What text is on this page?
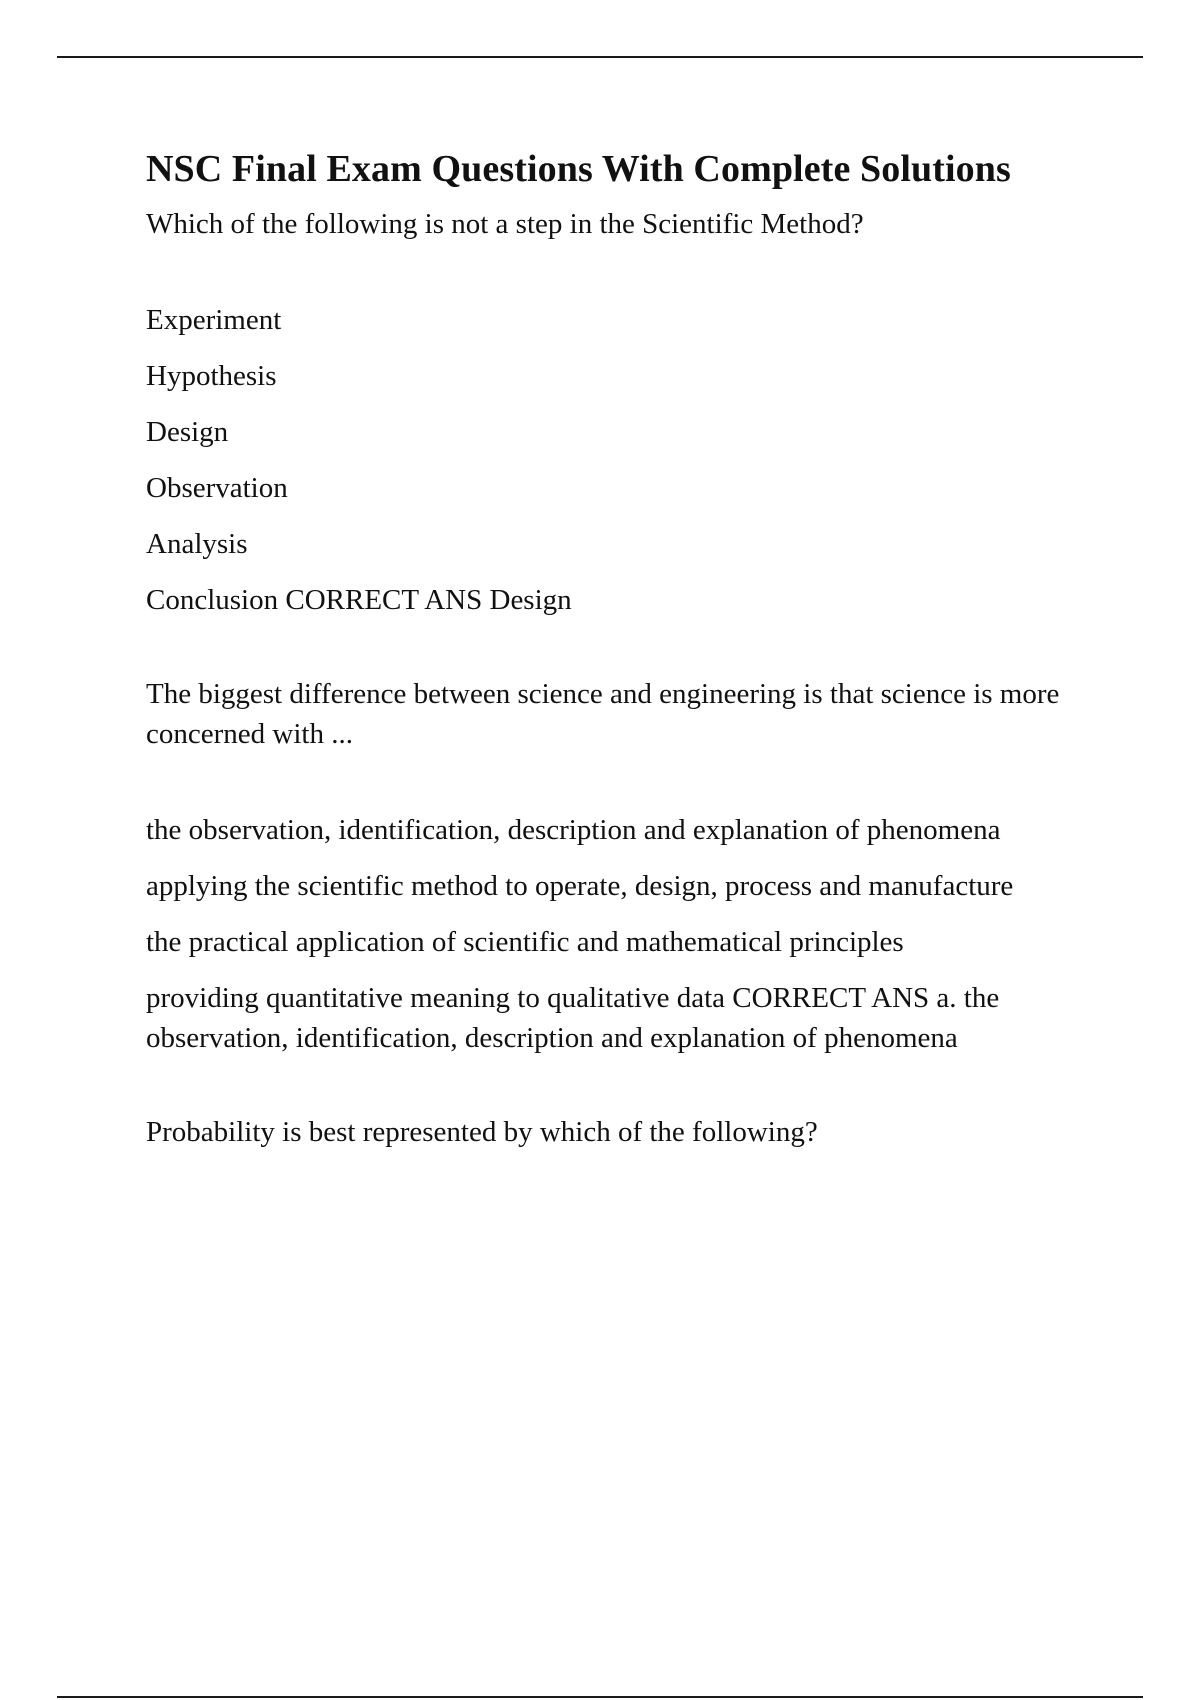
NSC Final Exam Questions With Complete Solutions

Which of the following is not a step in the Scientific Method?

Experiment
Hypothesis
Design
Observation
Analysis
Conclusion CORRECT ANS Design

The biggest difference between science and engineering is that science is more concerned with ...

the observation, identification, description and explanation of phenomena
applying the scientific method to operate, design, process and manufacture
the practical application of scientific and mathematical principles
providing quantitative meaning to qualitative data CORRECT ANS a. the observation, identification, description and explanation of phenomena

Probability is best represented by which of the following?
